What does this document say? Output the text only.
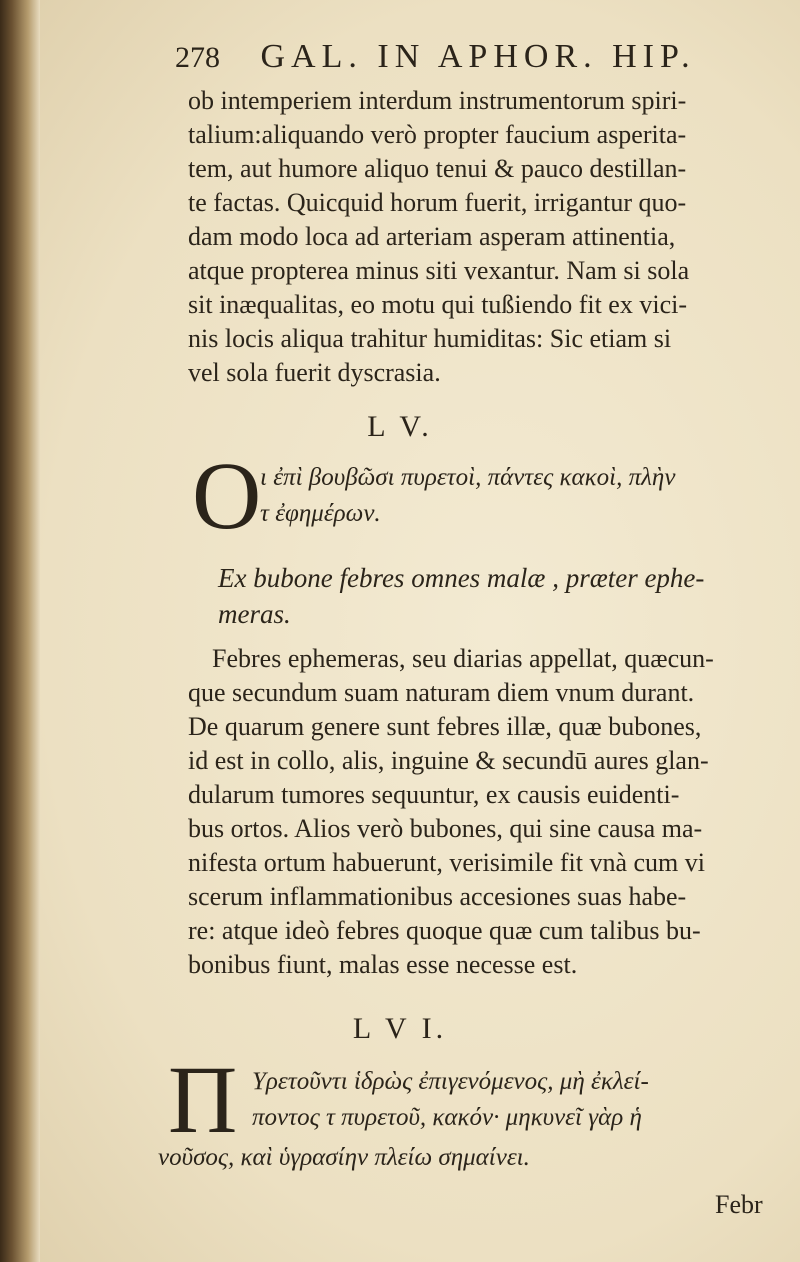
278 GAL. IN APHOR. HIP.
ob intemperiem interdum instrumentorum spiri-
talium:aliquando verò propter faucium asperita-
tem, aut humore aliquo tenui & pauco destillan-
te factas. Quicquid horum fuerit, irrigantur quo-
dam modo loca ad arteriam asperam attinentia,
atque propterea minus siti vexantur. Nam si sola
sit inæqualitas, eo motu qui tußiendo fit ex vici-
nis locis aliqua trahitur humiditas: Sic etiam si
vel sola fuerit dyscrasia.
L V.
O
ι ἐπὶ βουβῶσι πυρετοὶ, πάντες κακοὶ, πλὴν
τ ἐφημέρων.
Ex bubone febres omnes malæ , præter ephe-
meras.
Febres ephemeras, seu diarias appellat, quæcun-
que secundum suam naturam diem vnum durant.
De quarum genere sunt febres illæ, quæ bubones,
id est in collo, alis, inguine & secundū aures glan-
dularum tumores sequuntur, ex causis euidenti-
bus ortos. Alios verò bubones, qui sine causa ma-
nifesta ortum habuerunt, verisimile fit vnà cum vi
scerum inflammationibus accesiones suas habe-
re: atque ideò febres quoque quæ cum talibus bu-
bonibus fiunt, malas esse necesse est.
L V I.
Π Υρετοῦντι ἱδρὼς ἐπιγενόμενος, μὴ ἐκλεί-
ποντος τ πυρετοῦ, κακόν· μηκυνεῖ γὰρ ἡ
νοῦσος, καὶ ὑγρασίην πλείω σημαίνει.
Febr
